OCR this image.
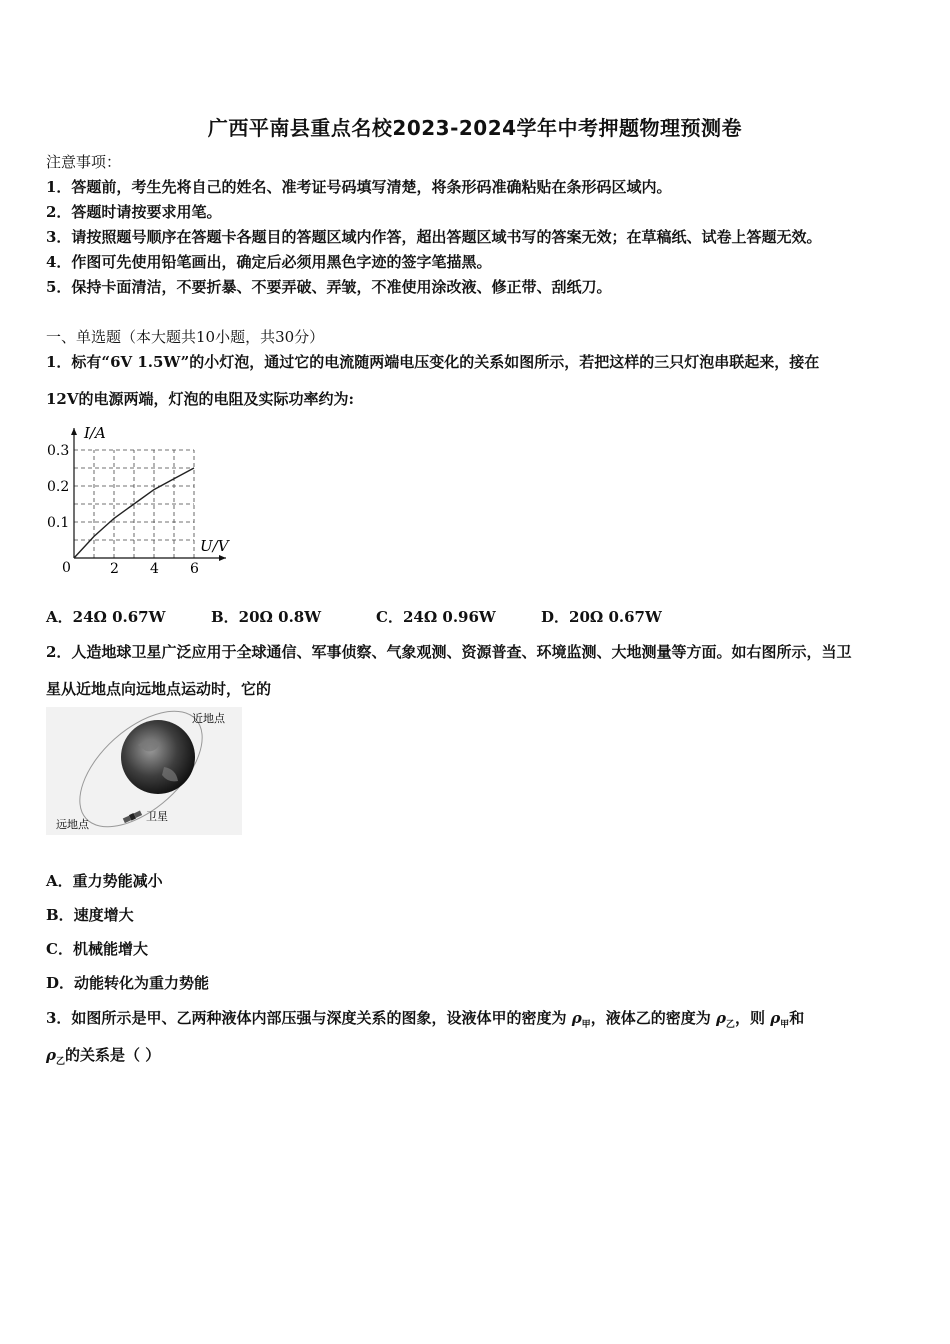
广西平南县重点名校2023-2024学年中考押题物理预测卷
注意事项：
1．答题前，考生先将自己的姓名、准考证号码填写清楚，将条形码准确粘贴在条形码区域内。
2．答题时请按要求用笔。
3．请按照题号顺序在答题卡各题目的答题区域内作答，超出答题区域书写的答案无效；在草稿纸、试卷上答题无效。
4．作图可先使用铅笔画出，确定后必须用黑色字迹的签字笔描黑。
5．保持卡面清洁，不要折暴、不要弄破、弄皱，不准使用涂改液、修正带、刮纸刀。
一、单选题（本大题共10小题，共30分）
1．标有“6V 1.5W”的小灯泡，通过它的电流随两端电压变化的关系如图所示，若把这样的三只灯泡串联起来，接在
12V的电源两端，灯泡的电阻及实际功率约为:
2 4 6
0.1
0.2
0.3
I/A
U/V
0
A．24Ω 0.67W	B．20Ω 0.8W	C．24Ω 0.96W	D．20Ω 0.67W
2．人造地球卫星广泛应用于全球通信、军事侦察、气象观测、资源普查、环境监测、大地测量等方面。如右图所示，当卫
星从近地点向远地点运动时，它的
近地点
远地点
卫星
A．重力势能减小
B．速度增大
C．机械能增大
D．动能转化为重力势能
3．如图所示是甲、乙两种液体内部压强与深度关系的图象，设液体甲的密度为 $\rho_甲$，液体乙的密度为 $\rho_乙$，则 $\rho_甲$和
$\rho_乙$的关系是（ ）
